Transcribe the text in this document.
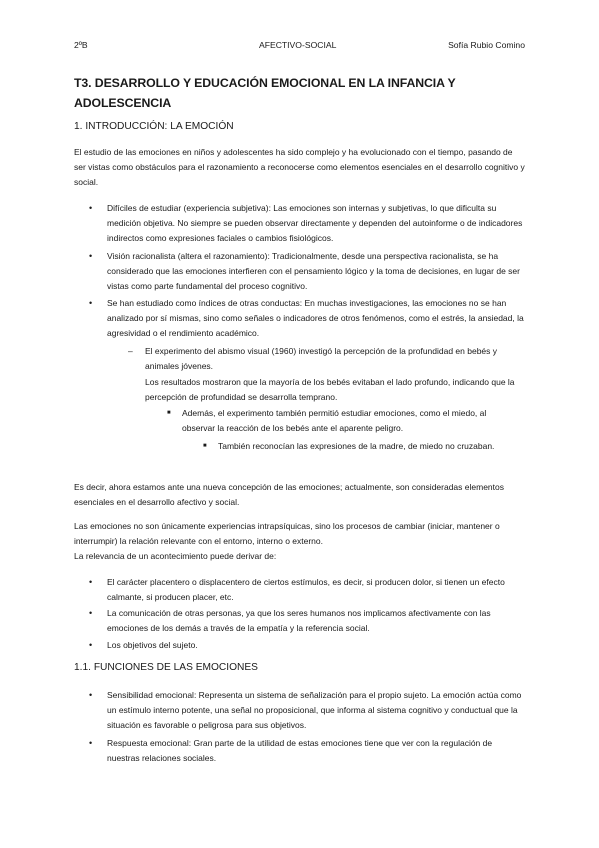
2ºB	AFECTIVO-SOCIAL	Sofía Rubio Comino
T3. DESARROLLO Y EDUCACIÓN EMOCIONAL EN LA INFANCIA Y ADOLESCENCIA
1. INTRODUCCIÓN: LA EMOCIÓN
El estudio de las emociones en niños y adolescentes ha sido complejo y ha evolucionado con el tiempo, pasando de ser vistas como obstáculos para el razonamiento a reconocerse como elementos esenciales en el desarrollo cognitivo y social.
• Difíciles de estudiar (experiencia subjetiva): Las emociones son internas y subjetivas, lo que dificulta su medición objetiva. No siempre se pueden observar directamente y dependen del autoinforme o de indicadores indirectos como expresiones faciales o cambios fisiológicos.
• Visión racionalista (altera el razonamiento): Tradicionalmente, desde una perspectiva racionalista, se ha considerado que las emociones interfieren con el pensamiento lógico y la toma de decisiones, en lugar de ser vistas como parte fundamental del proceso cognitivo.
• Se han estudiado como índices de otras conductas: En muchas investigaciones, las emociones no se han analizado por sí mismas, sino como señales o indicadores de otros fenómenos, como el estrés, la ansiedad, la agresividad o el rendimiento académico.
– El experimento del abismo visual (1960) investigó la percepción de la profundidad en bebés y animales jóvenes.
Los resultados mostraron que la mayoría de los bebés evitaban el lado profundo, indicando que la percepción de profundidad se desarrolla temprano.
■ Además, el experimento también permitió estudiar emociones, como el miedo, al observar la reacción de los bebés ante el aparente peligro.
■ También reconocían las expresiones de la madre, de miedo no cruzaban.
Es decir, ahora estamos ante una nueva concepción de las emociones; actualmente, son consideradas elementos esenciales en el desarrollo afectivo y social.
Las emociones no son únicamente experiencias intrapsíquicas, sino los procesos de cambiar (iniciar, mantener o interrumpir) la relación relevante con el entorno, interno o externo.
La relevancia de un acontecimiento puede derivar de:
• El carácter placentero o displacentero de ciertos estímulos, es decir, si producen dolor, si tienen un efecto calmante, si producen placer, etc.
• La comunicación de otras personas, ya que los seres humanos nos implicamos afectivamente con las emociones de los demás a través de la empatía y la referencia social.
• Los objetivos del sujeto.
1.1. FUNCIONES DE LAS EMOCIONES
• Sensibilidad emocional: Representa un sistema de señalización para el propio sujeto. La emoción actúa como un estímulo interno potente, una señal no proposicional, que informa al sistema cognitivo y conductual que la situación es favorable o peligrosa para sus objetivos.
• Respuesta emocional: Gran parte de la utilidad de estas emociones tiene que ver con la regulación de nuestras relaciones sociales.
